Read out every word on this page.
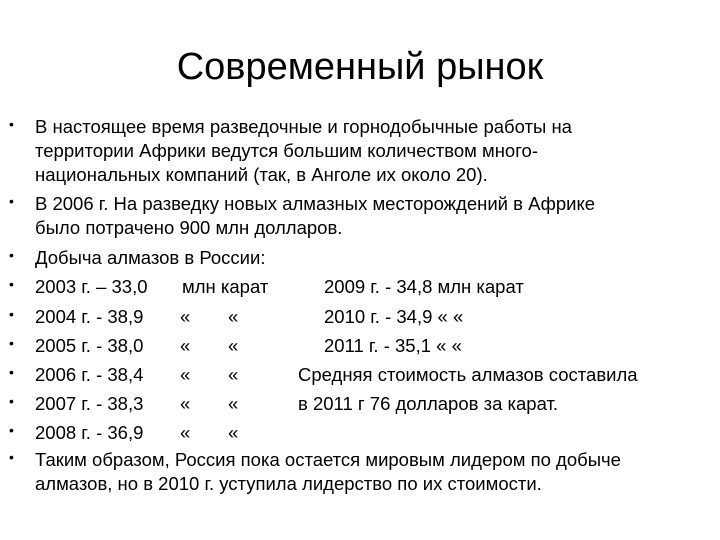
Современный рынок
• В настоящее время разведочные и горнодобычные работы на
территории Африки ведутся большим количеством много-
национальных компаний (так, в Анголе их около 20).
• В 2006 г. На разведку новых алмазных месторождений в Африке
было потрачено 900 млн долларов.
• Добыча алмазов в России:
• 2003 г. – 33,0 млн карат	2009 г. - 34,8 млн карат
• 2004 г. - 38,9 « «	2010 г. - 34,9 « «
• 2005 г. - 38,0 « «	2011 г. - 35,1 « «
• 2006 г. - 38,4 « «	Средняя стоимость алмазов составила
• 2007 г. - 38,3 « «	в 2011 г 76 долларов за карат.
• 2008 г. - 36,9 « «
• Таким образом, Россия пока остается мировым лидером по добыче
алмазов, но в 2010 г. уступила лидерство по их стоимости.
